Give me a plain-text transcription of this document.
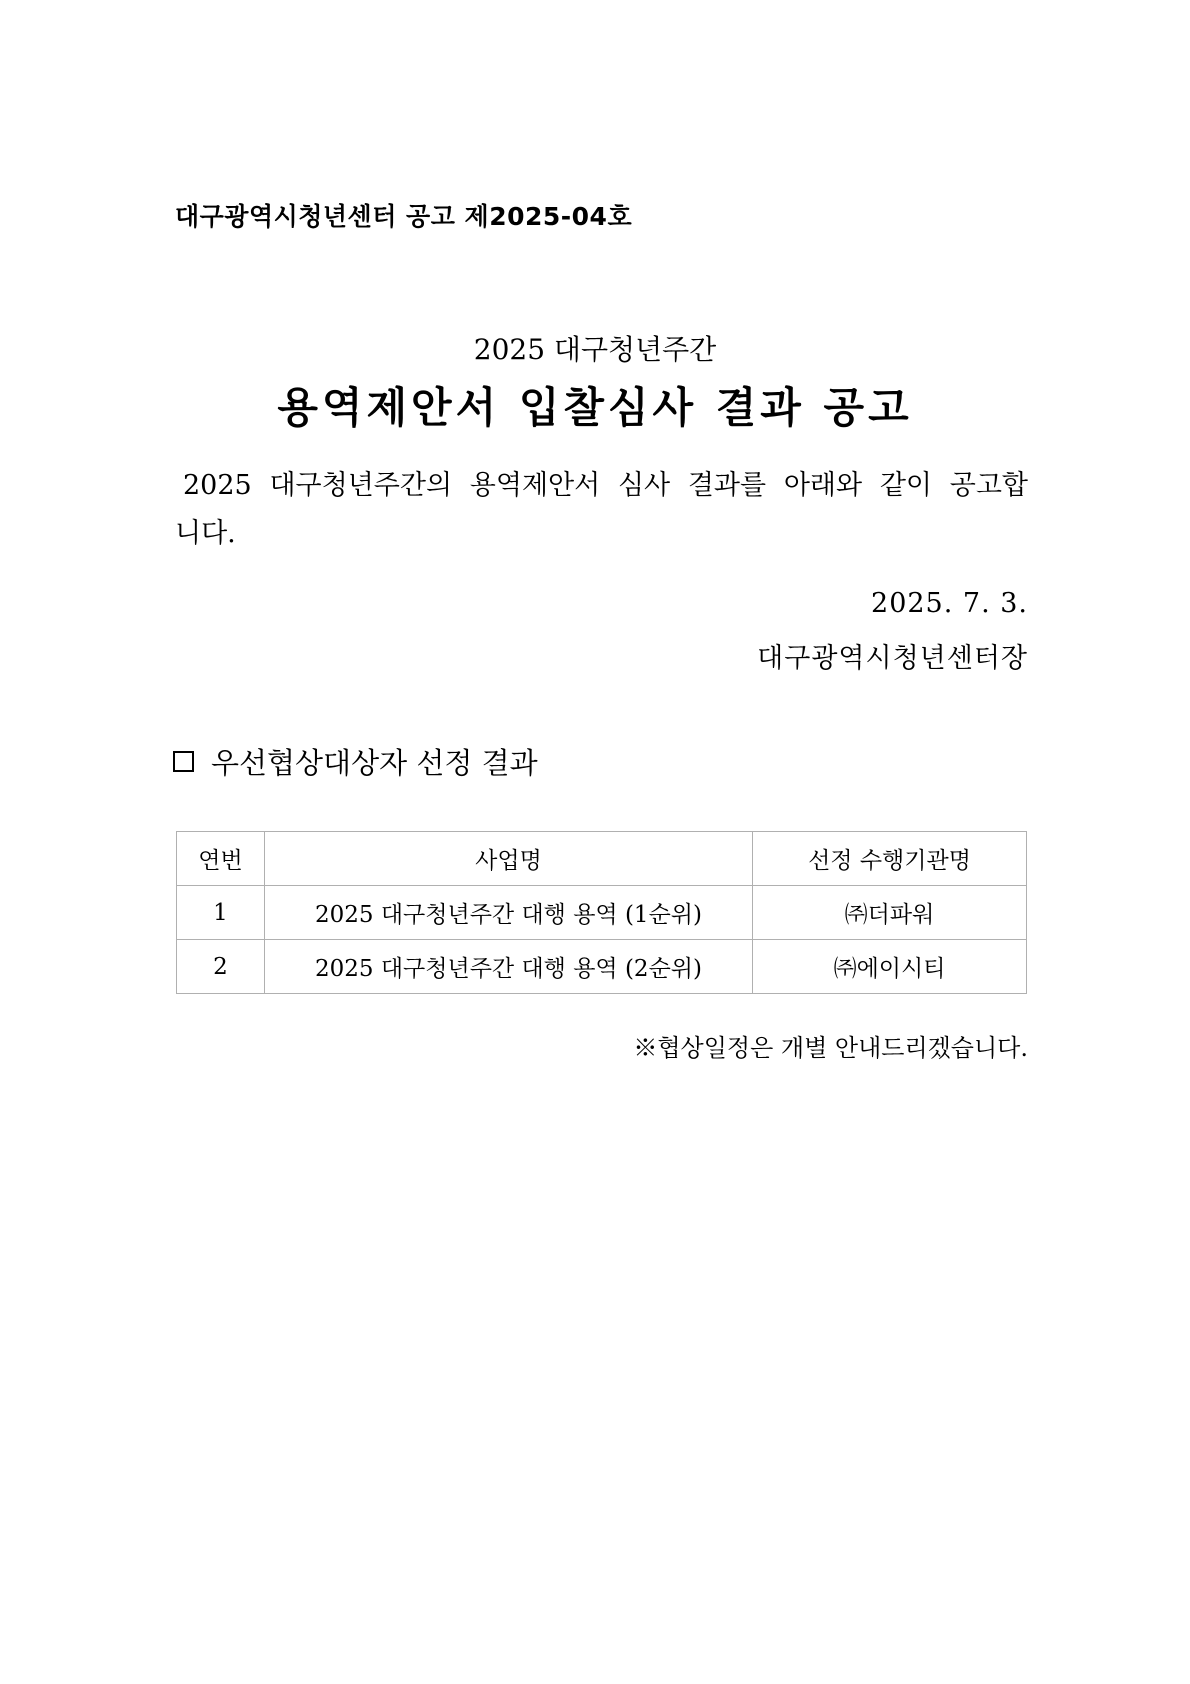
대구광역시청년센터 공고 제2025-04호
2025 대구청년주간
용역제안서 입찰심사 결과 공고
2025 대구청년주간의 용역제안서 심사 결과를 아래와 같이 공고합니다.
2025. 7. 3.
대구광역시청년센터장
우선협상대상자 선정 결과
연번	사업명	선정 수행기관명
1	2025 대구청년주간 대행 용역 (1순위)	㈜더파워
2	2025 대구청년주간 대행 용역 (2순위)	㈜에이시티
※협상일정은 개별 안내드리겠습니다.
